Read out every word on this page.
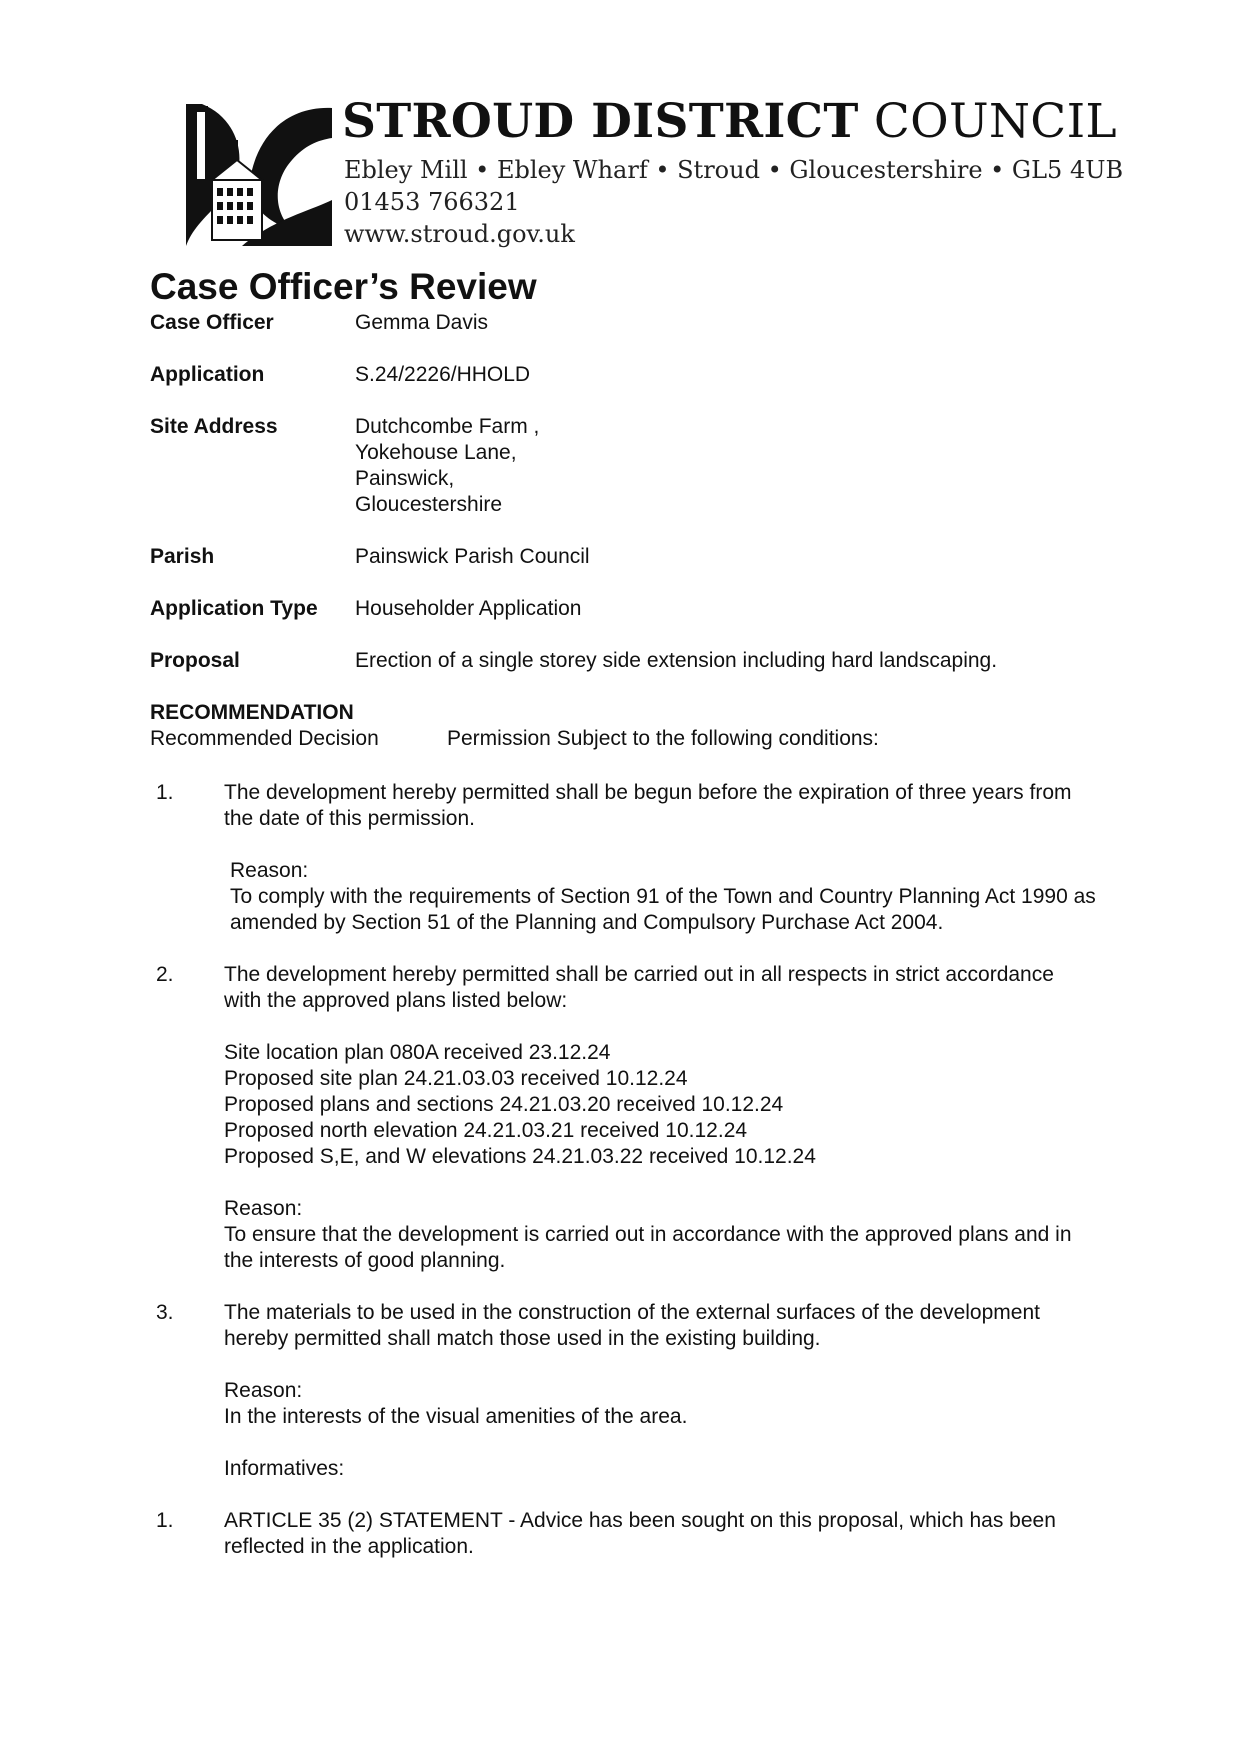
STROUD DISTRICT COUNCIL
Ebley Mill • Ebley Wharf • Stroud • Gloucestershire • GL5 4UB
01453 766321
www.stroud.gov.uk
Case Officer’s Review
Case Officer	Gemma Davis
Application	S.24/2226/HHOLD
Site Address	Dutchcombe Farm ,
Yokehouse Lane,
Painswick,
Gloucestershire
Parish	Painswick Parish Council
Application Type	Householder Application
Proposal	Erection of a single storey side extension including hard landscaping.
RECOMMENDATION
Recommended Decision	Permission Subject to the following conditions:
1.	The development hereby permitted shall be begun before the expiration of three years from the date of this permission.
Reason:
To comply with the requirements of Section 91 of the Town and Country Planning Act 1990 as amended by Section 51 of the Planning and Compulsory Purchase Act 2004.
2.	The development hereby permitted shall be carried out in all respects in strict accordance with the approved plans listed below:
Site location plan 080A received 23.12.24
Proposed site plan 24.21.03.03 received 10.12.24
Proposed plans and sections 24.21.03.20 received 10.12.24
Proposed north elevation 24.21.03.21 received 10.12.24
Proposed S,E, and W elevations 24.21.03.22 received 10.12.24
Reason:
To ensure that the development is carried out in accordance with the approved plans and in the interests of good planning.
3.	The materials to be used in the construction of the external surfaces of the development hereby permitted shall match those used in the existing building.
Reason:
In the interests of the visual amenities of the area.
Informatives:
1.	ARTICLE 35 (2) STATEMENT - Advice has been sought on this proposal, which has been reflected in the application.
